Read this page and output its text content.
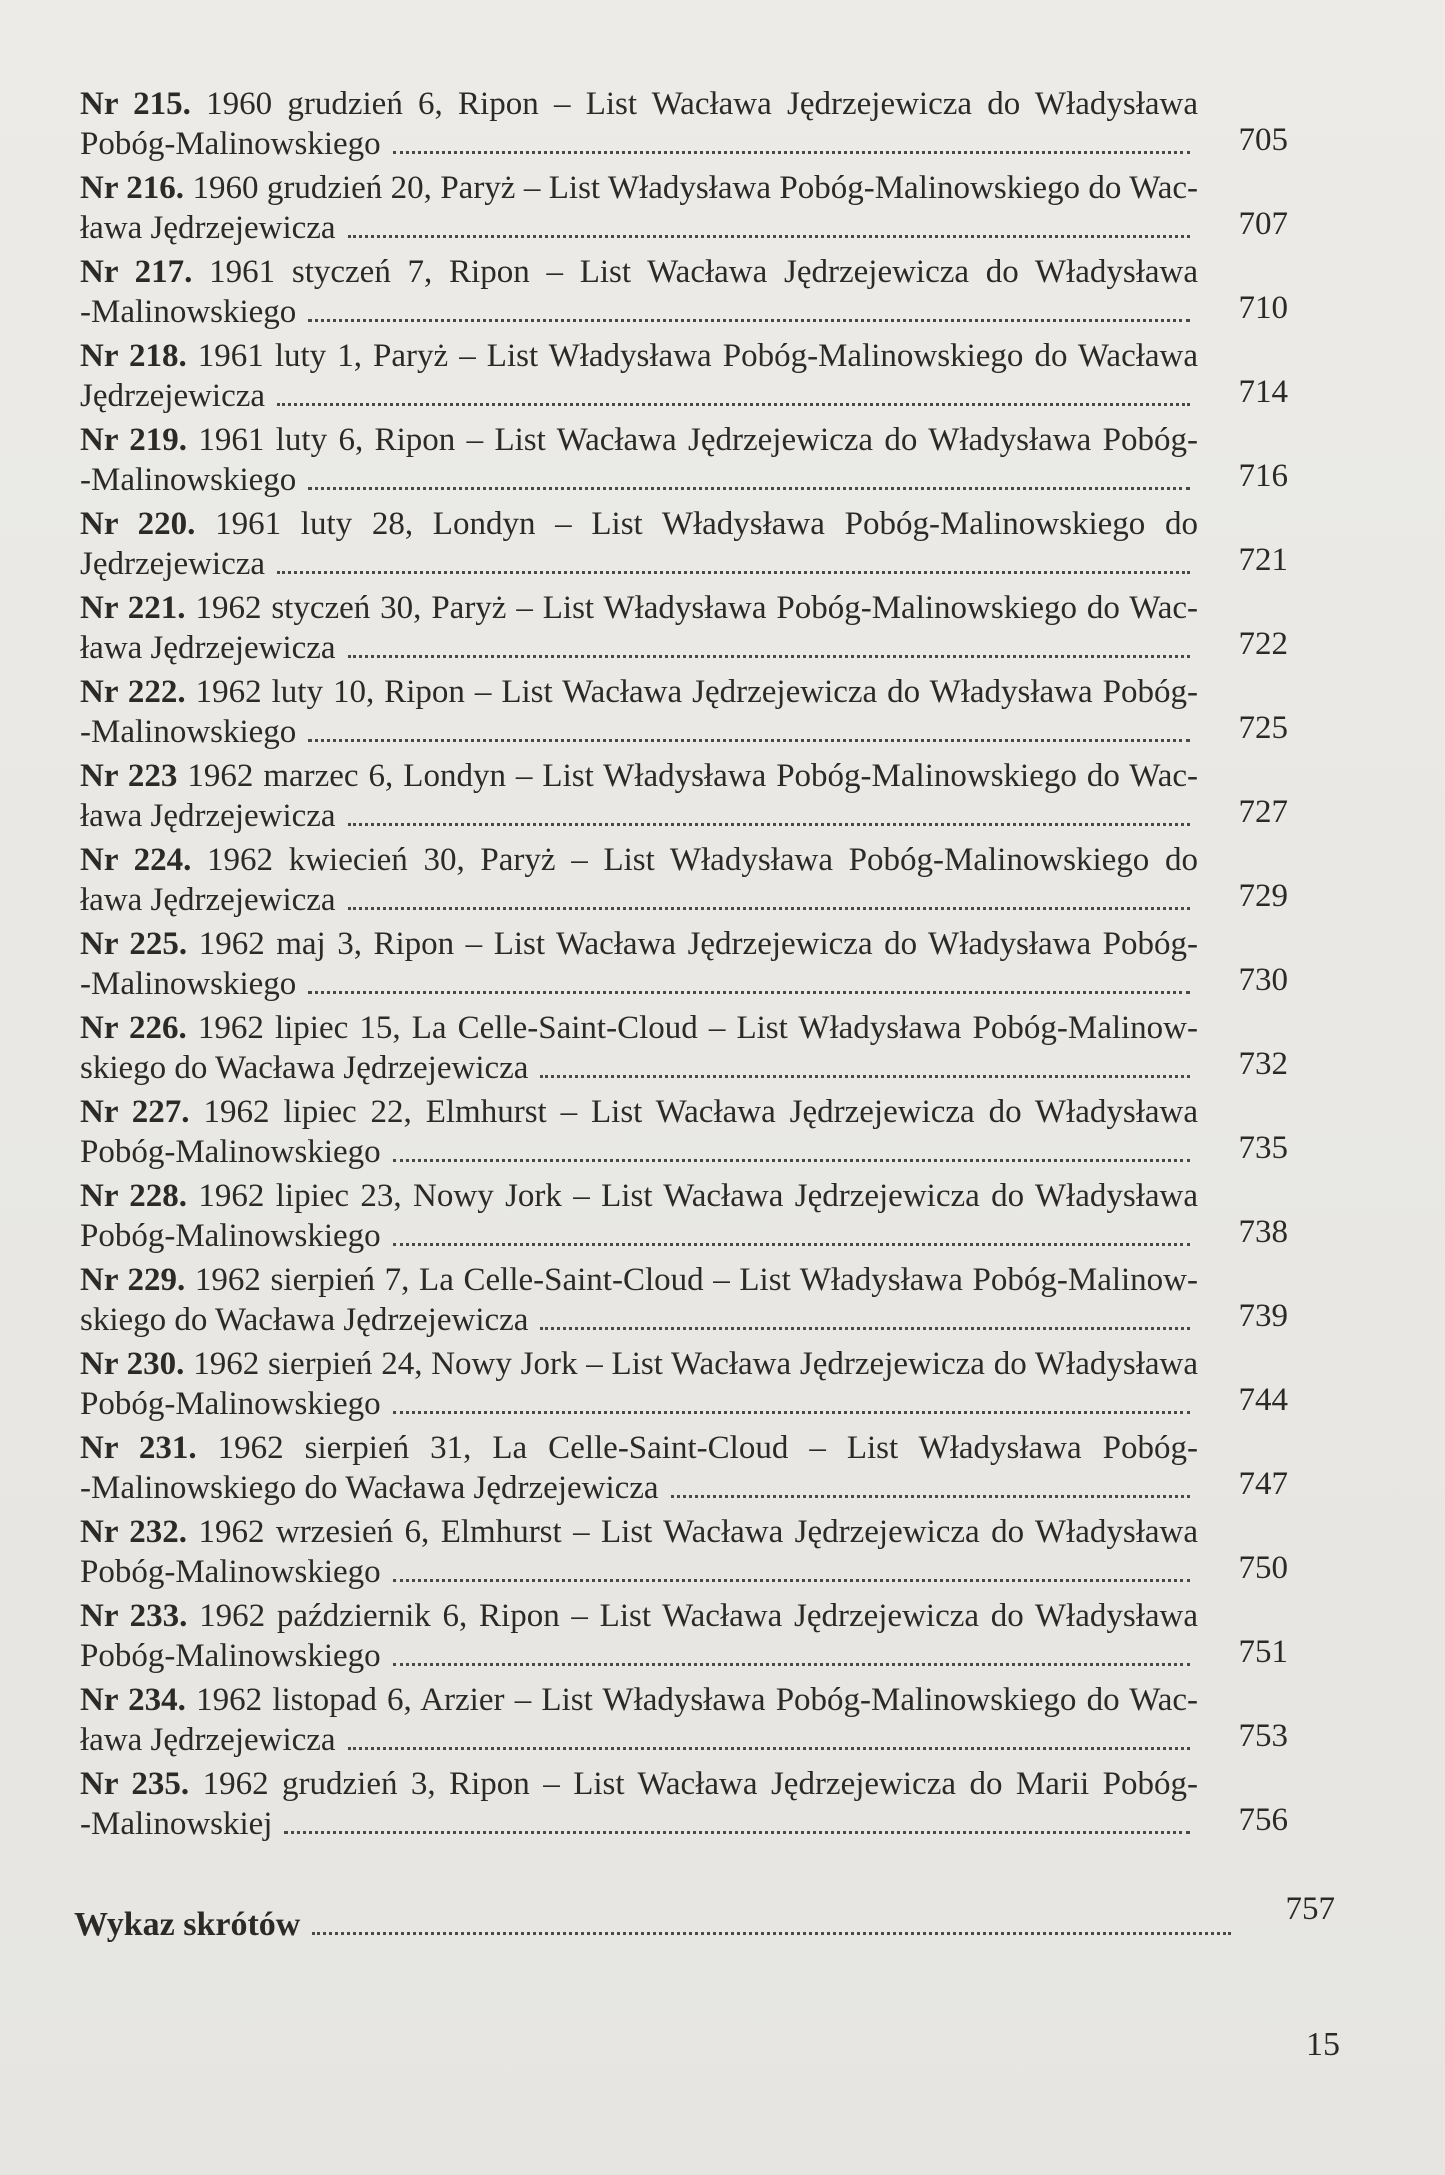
Nr 215. 1960 grudzień 6, Ripon – List Wacława Jędrzejewicza do Władysława
Pobóg-Malinowskiego	705
Nr 216. 1960 grudzień 20, Paryż – List Władysława Pobóg-Malinowskiego do Wac-
ława Jędrzejewicza	707
Nr 217. 1961 styczeń 7, Ripon – List Wacława Jędrzejewicza do Władysława
-Malinowskiego	710
Nr 218. 1961 luty 1, Paryż – List Władysława Pobóg-Malinowskiego do Wacława
Jędrzejewicza	714
Nr 219. 1961 luty 6, Ripon – List Wacława Jędrzejewicza do Władysława Pobóg-
-Malinowskiego	716
Nr 220. 1961 luty 28, Londyn – List Władysława Pobóg-Malinowskiego do
Jędrzejewicza	721
Nr 221. 1962 styczeń 30, Paryż – List Władysława Pobóg-Malinowskiego do Wac-
ława Jędrzejewicza	722
Nr 222. 1962 luty 10, Ripon – List Wacława Jędrzejewicza do Władysława Pobóg-
-Malinowskiego	725
Nr 223 1962 marzec 6, Londyn – List Władysława Pobóg-Malinowskiego do Wac-
ława Jędrzejewicza	727
Nr 224. 1962 kwiecień 30, Paryż – List Władysława Pobóg-Malinowskiego do
ława Jędrzejewicza	729
Nr 225. 1962 maj 3, Ripon – List Wacława Jędrzejewicza do Władysława Pobóg-
-Malinowskiego	730
Nr 226. 1962 lipiec 15, La Celle-Saint-Cloud – List Władysława Pobóg-Malinow-
skiego do Wacława Jędrzejewicza	732
Nr 227. 1962 lipiec 22, Elmhurst – List Wacława Jędrzejewicza do Władysława
Pobóg-Malinowskiego	735
Nr 228. 1962 lipiec 23, Nowy Jork – List Wacława Jędrzejewicza do Władysława
Pobóg-Malinowskiego	738
Nr 229. 1962 sierpień 7, La Celle-Saint-Cloud – List Władysława Pobóg-Malinow-
skiego do Wacława Jędrzejewicza	739
Nr 230. 1962 sierpień 24, Nowy Jork – List Wacława Jędrzejewicza do Władysława
Pobóg-Malinowskiego	744
Nr 231. 1962 sierpień 31, La Celle-Saint-Cloud – List Władysława Pobóg-
-Malinowskiego do Wacława Jędrzejewicza	747
Nr 232. 1962 wrzesień 6, Elmhurst – List Wacława Jędrzejewicza do Władysława
Pobóg-Malinowskiego	750
Nr 233. 1962 październik 6, Ripon – List Wacława Jędrzejewicza do Władysława
Pobóg-Malinowskiego	751
Nr 234. 1962 listopad 6, Arzier – List Władysława Pobóg-Malinowskiego do Wac-
ława Jędrzejewicza	753
Nr 235. 1962 grudzień 3, Ripon – List Wacława Jędrzejewicza do Marii Pobóg-
-Malinowskiej	756
Wykaz skrótów	757
15
